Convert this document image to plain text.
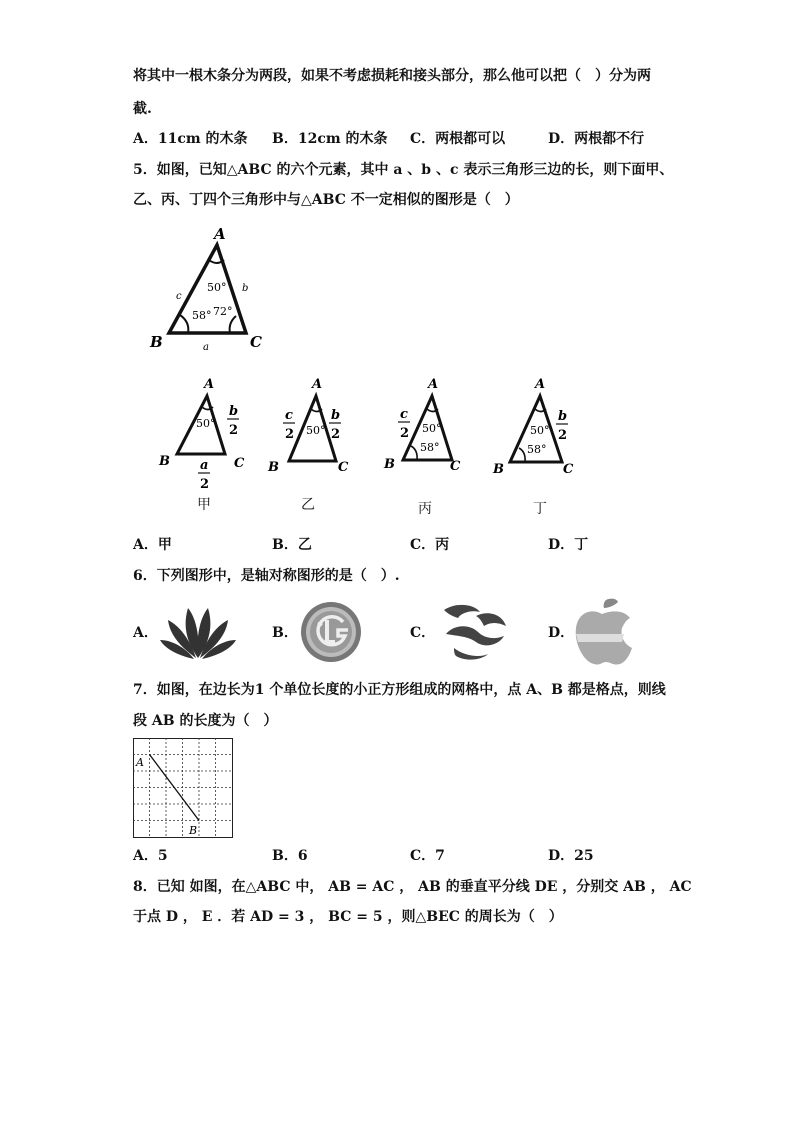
将其中一根木条分为两段，如果不考虑损耗和接头部分，那么他可以把（　）分为两
截.
A．11cm 的木条 B．12cm 的木条 C．两根都可以	D．两根都不行
5．如图，已知△ABC 的六个元素，其中 a 、b 、c 表示三角形三边的长，则下面甲、
乙、丙、丁四个三角形中与△ABC 不一定相似的图形是（　）
A
B	C
c
b
a
50°
58° 72°
A
B	C
50°
b
2
a
2
甲
A
B	C
50°
c
2
b
2
乙
A
B	C
50°
58°
c
2
丙
A
B	C
50°
58°
b
2
丁
A．甲	B．乙	C．丙	D．丁
6．下列图形中，是轴对称图形的是（　）.
A．	B．	C．	D．
7．如图，在边长为1 个单位长度的小正方形组成的网格中，点 A、B 都是格点，则线
段 AB 的长度为（　）
A
B
A．5	B．6	C．7	D．25
8．已知 如图，在△ABC 中， AB = AC ， AB 的垂直平分线 DE ，分别交 AB ， AC
于点 D ， E ．若 AD = 3 ， BC = 5 ，则△BEC 的周长为（　）
